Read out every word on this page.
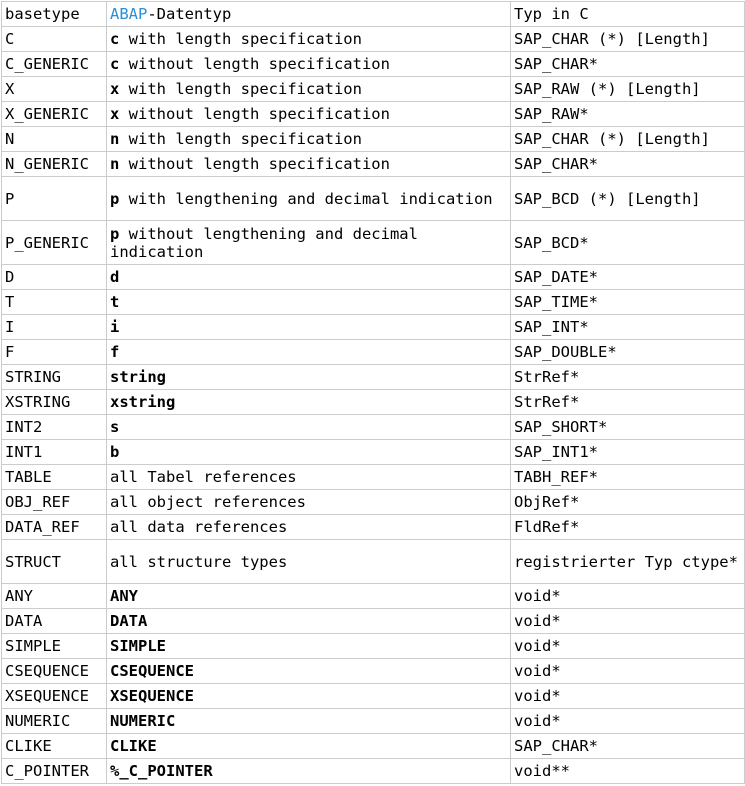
basetype	ABAP-Datentyp	Typ in C
C	c with length specification	SAP_CHAR (*) [Length]
C_GENERIC	c without length specification	SAP_CHAR*
X	x with length specification	SAP_RAW (*) [Length]
X_GENERIC	x without length specification	SAP_RAW*
N	n with length specification	SAP_CHAR (*) [Length]
N_GENERIC	n without length specification	SAP_CHAR*
P	p with lengthening and decimal indication	SAP_BCD (*) [Length]
P_GENERIC	p without lengthening and decimal indication	SAP_BCD*
D	d	SAP_DATE*
T	t	SAP_TIME*
I	i	SAP_INT*
F	f	SAP_DOUBLE*
STRING	string	StrRef*
XSTRING	xstring	StrRef*
INT2	s	SAP_SHORT*
INT1	b	SAP_INT1*
TABLE	all Tabel references	TABH_REF*
OBJ_REF	all object references	ObjRef*
DATA_REF	all data references	FldRef*
STRUCT	all structure types	registrierter Typ ctype*
ANY	ANY	void*
DATA	DATA	void*
SIMPLE	SIMPLE	void*
CSEQUENCE	CSEQUENCE	void*
XSEQUENCE	XSEQUENCE	void*
NUMERIC	NUMERIC	void*
CLIKE	CLIKE	SAP_CHAR*
C_POINTER	%_C_POINTER	void**
